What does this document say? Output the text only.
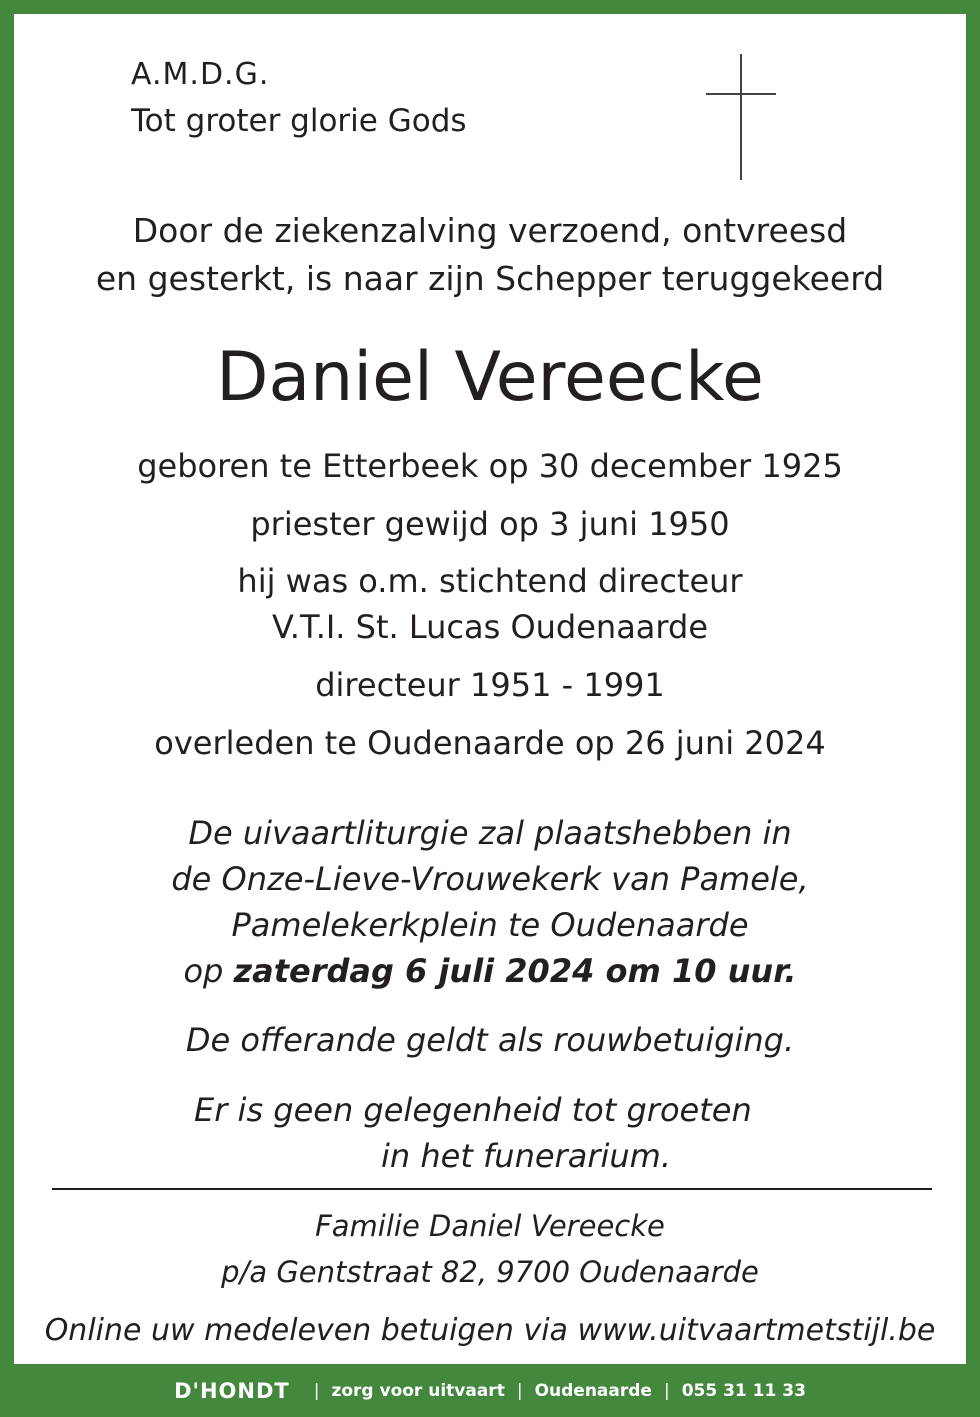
A.M.D.G.
Tot groter glorie Gods
Door de ziekenzalving verzoend, ontvreesd
en gesterkt, is naar zijn Schepper teruggekeerd
Daniel Vereecke
geboren te Etterbeek op 30 december 1925
priester gewijd op 3 juni 1950
hij was o.m. stichtend directeur
V.T.I. St. Lucas Oudenaarde
directeur 1951 - 1991
overleden te Oudenaarde op 26 juni 2024
De uivaartliturgie zal plaatshebben in
de Onze-Lieve-Vrouwekerk van Pamele,
Pamelekerkplein te Oudenaarde
op zaterdag 6 juli 2024 om 10 uur.
De offerande geldt als rouwbetuiging.
Er is geen gelegenheid tot groeten
in het funerarium.
Familie Daniel Vereecke
p/a Gentstraat 82, 9700 Oudenaarde
Online uw medeleven betuigen via www.uitvaartmetstijl.be
D'HONDT | zorg voor uitvaart | Oudenaarde | 055 31 11 33
